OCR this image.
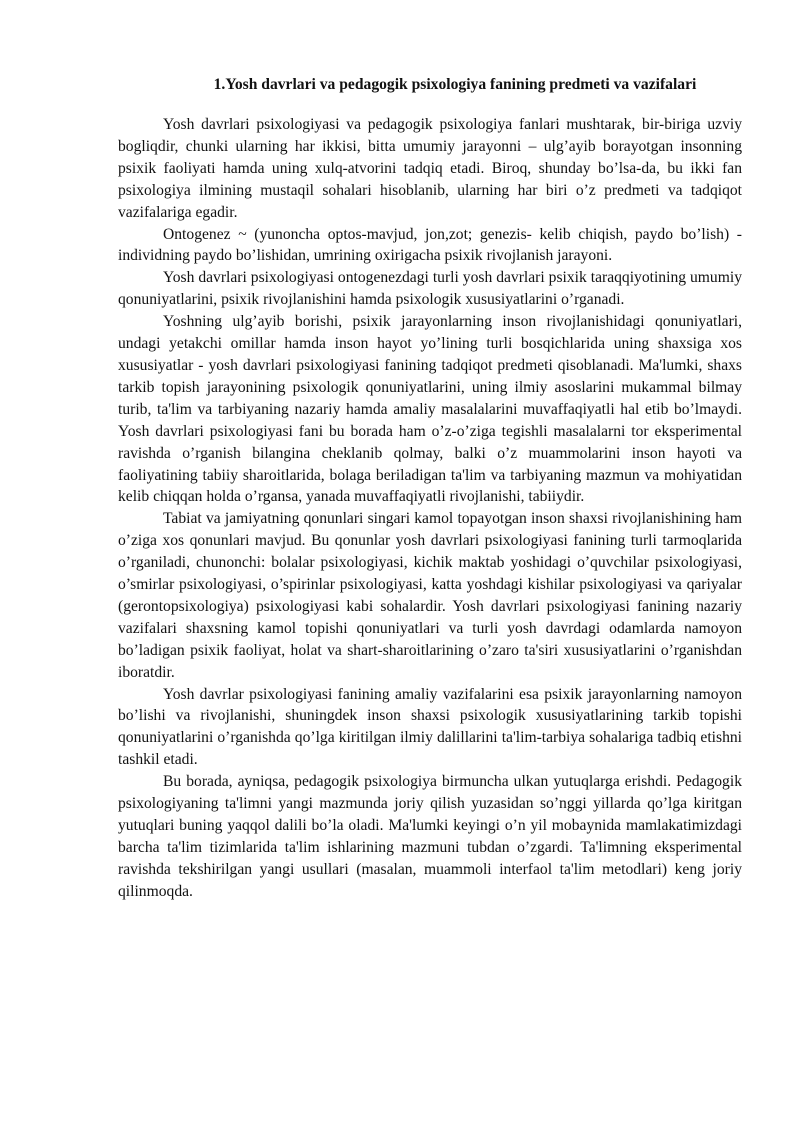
1.Yosh davrlari va pedagogik psixologiya fanining predmeti va vazifalari

Yosh davrlari psixologiyasi va pedagogik psixologiya fanlari mushtarak, bir-biriga uzviy bogliqdir, chunki ularning har ikkisi, bitta umumiy jarayonni – ulg’ayib borayotgan insonning psixik faoliyati hamda uning xulq-atvorini tadqiq etadi. Biroq, shunday bo’lsa-da, bu ikki fan psixologiya ilmining mustaqil sohalari hisoblanib, ularning har biri o’z predmeti va tadqiqot vazifalariga egadir.

Ontogenez ~ (yunoncha optos-mavjud, jon,zot; genezis- kelib chiqish, paydo bo’lish) - individning paydo bo’lishidan, umrining oxirigacha psixik rivojlanish jarayoni.

Yosh davrlari psixologiyasi ontogenezdagi turli yosh davrlari psixik taraqqiyotining umumiy qonuniyatlarini, psixik rivojlanishini hamda psixologik xususiyatlarini o’rganadi.

Yoshning ulg’ayib borishi, psixik jarayonlarning inson rivojlanishidagi qonuniyatlari, undagi yetakchi omillar hamda inson hayot yo’lining turli bosqichlarida uning shaxsiga xos xususiyatlar - yosh davrlari psixologiyasi fanining tadqiqot predmeti qisoblanadi. Ma'lumki, shaxs tarkib topish jarayonining psixologik qonuniyatlarini, uning ilmiy asoslarini mukammal bilmay turib, ta'lim va tarbiyaning nazariy hamda amaliy masalalarini muvaffaqiyatli hal etib bo’lmaydi. Yosh davrlari psixologiyasi fani bu borada ham o’z-o’ziga tegishli masalalarni tor eksperimental ravishda o’rganish bilangina cheklanib qolmay, balki o’z muammolarini inson hayoti va faoliyatining tabiiy sharoitlarida, bolaga beriladigan ta'lim va tarbiyaning mazmun va mohiyatidan kelib chiqqan holda o’rgansa, yanada muvaffaqiyatli rivojlanishi, tabiiydir.

Tabiat va jamiyatning qonunlari singari kamol topayotgan inson shaxsi rivojlanishining ham o’ziga xos qonunlari mavjud. Bu qonunlar yosh davrlari psixologiyasi fanining turli tarmoqlarida o’rganiladi, chunonchi: bolalar psixologiyasi, kichik maktab yoshidagi o’quvchilar psixologiyasi, o’smirlar psixologiyasi, o’spirinlar psixologiyasi, katta yoshdagi kishilar psixologiyasi va qariyalar (gerontopsixologiya) psixologiyasi kabi sohalardir. Yosh davrlari psixologiyasi fanining nazariy vazifalari shaxsning kamol topishi qonuniyatlari va turli yosh davrdagi odamlarda namoyon bo’ladigan psixik faoliyat, holat va shart-sharoitlarining o’zaro ta'siri xususiyatlarini o’rganishdan iboratdir.

Yosh davrlar psixologiyasi fanining amaliy vazifalarini esa psixik jarayonlarning namoyon bo’lishi va rivojlanishi, shuningdek inson shaxsi psixologik xususiyatlarining tarkib topishi qonuniyatlarini o’rganishda qo’lga kiritilgan ilmiy dalillarini ta'lim-tarbiya sohalariga tadbiq etishni tashkil etadi.

Bu borada, ayniqsa, pedagogik psixologiya birmuncha ulkan yutuqlarga erishdi. Pedagogik psixologiyaning ta'limni yangi mazmunda joriy qilish yuzasidan so’nggi yillarda qo’lga kiritgan yutuqlari buning yaqqol dalili bo’la oladi. Ma'lumki keyingi o’n yil mobaynida mamlakatimizdagi barcha ta'lim tizimlarida ta'lim ishlarining mazmuni tubdan o’zgardi. Ta'limning eksperimental ravishda tekshirilgan yangi usullari (masalan, muammoli interfaol ta'lim metodlari) keng joriy qilinmoqda.
